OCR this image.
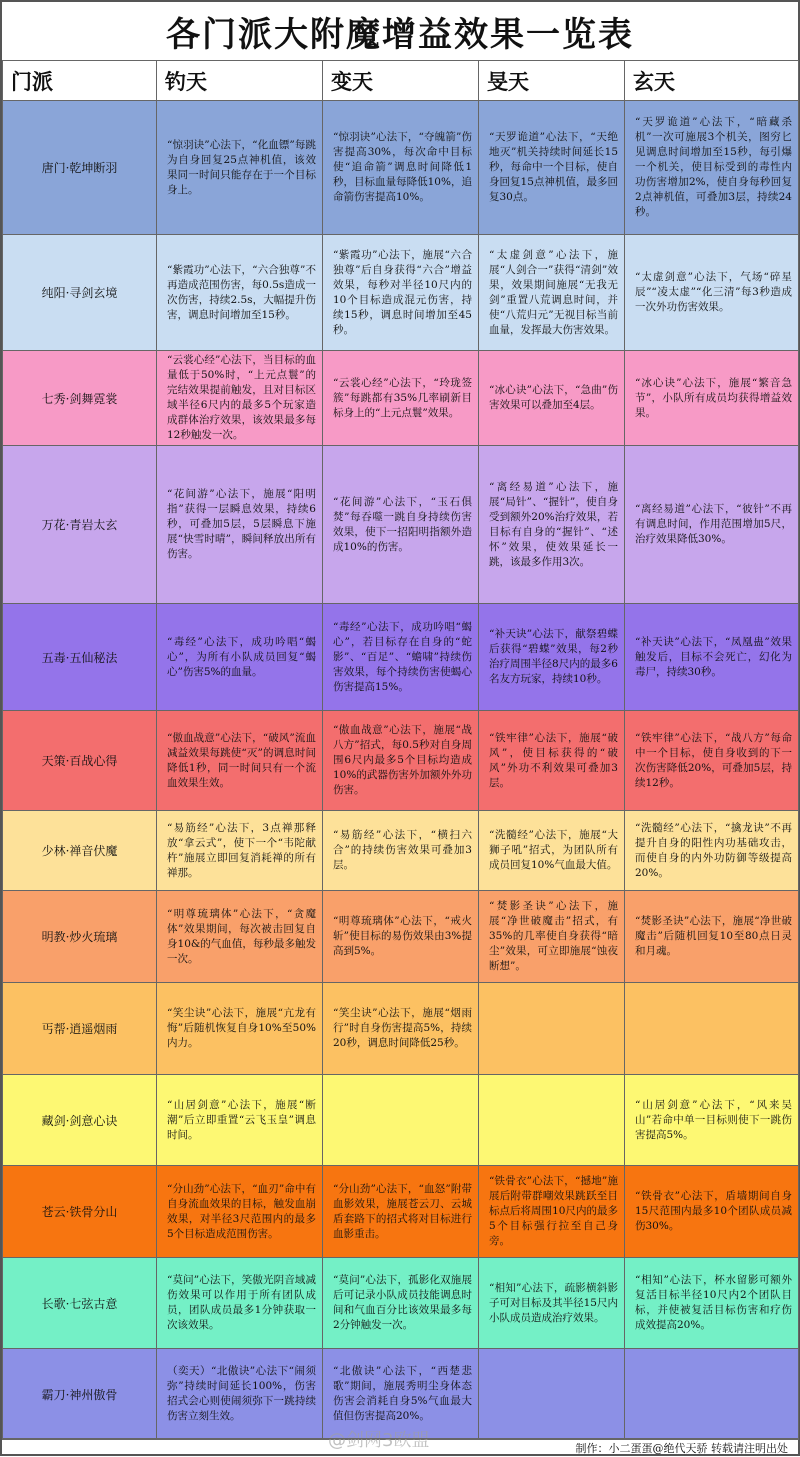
各门派大附魔增益效果一览表
门派	钓天	变天	旻天	玄天
唐门·乾坤断羽	“惊羽诀”心法下，“化血镖”每跳为自身回复25点神机值，该效果同一时间只能存在于一个目标身上。	“惊羽诀”心法下，“夺魄箭”伤害提高30%，每次命中目标使“追命箭”调息时间降低1秒，目标血量每降低10%，追命箭伤害提高10%。	“天罗诡道”心法下，“天绝地灭”机关持续时间延长15秒，每命中一个目标，使自身回复15点神机值，最多回复30点。	“天罗诡道”心法下，“暗藏杀机”一次可施展3个机关，图穷匕见调息时间增加至15秒，每引爆一个机关，使目标受到的毒性内功伤害增加2%，使自身每秒回复2点神机值，可叠加3层，持续24秒。
纯阳·寻剑玄境	“紫霞功”心法下，“六合独尊”不再造成范围伤害，每0.5s造成一次伤害，持续2.5s，大幅提升伤害，调息时间增加至15秒。	“紫霞功”心法下，施展“六合独尊”后自身获得“六合”增益效果，每秒对半径10尺内的10个目标造成混元伤害，持续15秒，调息时间增加至45秒。	“太虚剑意”心法下，施展“人剑合一”获得“清剑”效果，效果期间施展“无我无剑”重置八荒调息时间，并使“八荒归元”无视目标当前血量，发挥最大伤害效果。	“太虚剑意”心法下，气场“碎星辰”“凌太虚”“化三清”每3秒造成一次外功伤害效果。
七秀·剑舞霓裳	“云裳心经”心法下，当目标的血量低于50%时，“上元点鬟”的完结效果提前触发，且对目标区域半径6尺内的最多5个玩家造成群体治疗效果，该效果最多每12秒触发一次。	“云裳心经”心法下，“玲珑签簇”每跳都有35%几率刷新目标身上的“上元点鬟”效果。	“冰心诀”心法下，“急曲”伤害效果可以叠加至4层。	“冰心诀”心法下，施展“繁音急节”，小队所有成员均获得增益效果。
万花·青岩太玄	“花间游”心法下，施展“阳明指”获得一层瞬息效果，持续6秒，可叠加5层，5层瞬息下施展“快雪时晴”，瞬间释放出所有伤害。	“花间游”心法下，“玉石俱焚”每吞噬一跳自身持续伤害效果，使下一招阳明指额外造成10%的伤害。	“离经易道”心法下，施展“局针”、“握针”，使自身受到额外20%治疗效果，若目标有自身的“握针”、“述怀”效果，使效果延长一跳，该最多作用3次。	“离经易道”心法下，“彼针”不再有调息时间，作用范围增加5尺，治疗效果降低30%。
五毒·五仙秘法	“毒经”心法下，成功吟唱“蝎心”，为所有小队成员回复“蝎心”伤害5%的血量。	“毒经”心法下，成功吟唱“蝎心”，若目标存在自身的“蛇影”、“百足”、“蟾啸”持续伤害效果，每个持续伤害使蝎心伤害提高15%。	“补天诀”心法下，献祭碧蝶后获得“碧蝶”效果，每2秒治疗周围半径8尺内的最多6名友方玩家，持续10秒。	“补天诀”心法下，“凤凰蛊”效果触发后，目标不会死亡，幻化为毒尸，持续30秒。
天策·百战心得	“傲血战意”心法下，“破风”流血减益效果每跳使“灭”的调息时间降低1秒，同一时间只有一个流血效果生效。	“傲血战意”心法下，施展“战八方”招式，每0.5秒对自身周围6尺内最多5个目标均造成10%的武器伤害外加额外外功伤害。	“铁牢律”心法下，施展“破风”，使目标获得的“破风”外功不利效果可叠加3层。	“铁牢律”心法下，“战八方”每命中一个目标，使自身收到的下一次伤害降低20%，可叠加5层，持续12秒。
少林·禅音伏魔	“易筋经”心法下，3点禅那释放“拿云式”，使下一个“韦陀献杵”施展立即回复消耗禅的所有禅那。	“易筋经”心法下，“横扫六合”的持续伤害效果可叠加3层。	“洗髓经”心法下，施展“大狮子吼”招式，为团队所有成员回复10%气血最大值。	“洗髓经”心法下，“擒龙诀”不再提升自身的阳性内功基础攻击，而使自身的内外功防御等级提高20%。
明教·炒火琉璃	“明尊琉璃体”心法下，“贪魔体”效果期间，每次被击回复自身10&的气血值，每秒最多触发一次。	“明尊琉璃体”心法下，“戒火斩”使目标的易伤效果由3%提高到5%。	“焚影圣诀”心法下，施展“净世破魔击”招式，有35%的几率使自身获得“暗尘”效果，可立即施展“蚀夜断想”。	“焚影圣诀”心法下，施展“净世破魔击”后随机回复10至80点日灵和月魂。
丐帮·逍遥烟雨	“笑尘诀”心法下，施展“亢龙有悔”后随机恢复自身10%至50%内力。	“笑尘诀”心法下，施展“烟雨行”时自身伤害提高5%，持续20秒，调息时间降低25秒。		
藏剑·剑意心诀	“山居剑意”心法下，施展“断潮”后立即重置“云飞玉皇”调息时间。			“山居剑意”心法下，“风来吴山”若命中单一目标则使下一跳伤害提高5%。
苍云·铁骨分山	“分山劲”心法下，“血刃”命中有自身流血效果的目标，触发血崩效果，对半径3尺范围内的最多5个目标造成范围伤害。	“分山劲”心法下，“血怒”附带血影效果，施展苍云刀、云城盾套路下的招式将对目标进行血影重击。	“铁骨衣”心法下，“撼地”施展后附带群嘲效果跳跃至目标点后将周围10尺内的最多5个目标强行拉至自己身旁。	“铁骨衣”心法下，盾墙期间自身15尺范围内最多10个团队成员减伤30%。
长歌·七弦古意	“莫问”心法下，笑傲光阴音域减伤效果可以作用于所有团队成员，团队成员最多1分钟获取一次该效果。	“莫问”心法下，孤影化双施展后可记录小队成员技能调息时间和气血百分比该效果最多每2分钟触发一次。	“相知”心法下，疏影横斜影子可对目标及其半径15尺内小队成员造成治疗效果。	“相知”心法下，杯水留影可额外复活目标半径10尺内2个团队目标，并使被复活目标伤害和疗伤成效提高20%。
霸刀·神州傲骨	（奕天）“北傲诀”心法下“闹须弥”持续时间延长100%，伤害招式会心则使闹须弥下一跳持续伤害立刻生效。	“北傲诀”心法下，“西楚悲歌”期间，施展秀明尘身体态伤害会消耗自身5%气血最大值但伤害提高20%。		
@剑网3欧盟	制作：小二蛋蛋@绝代天骄 转载请注明出处
